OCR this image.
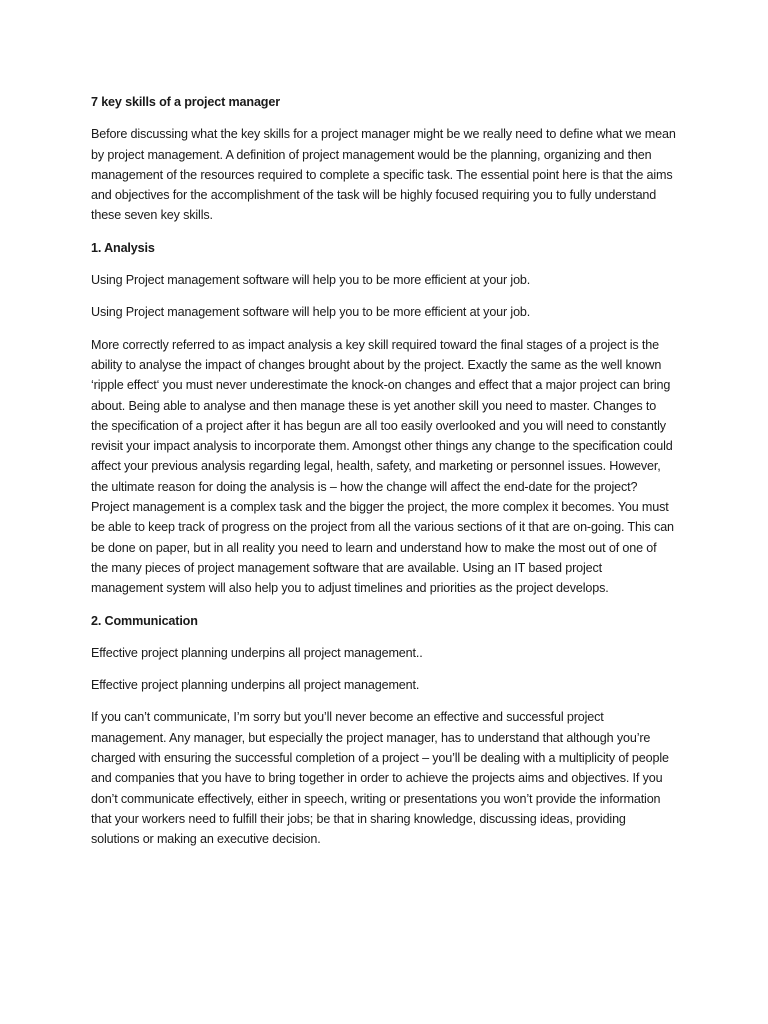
7 key skills of a project manager

Before discussing what the key skills for a project manager might be we really need to define what we mean by project management. A definition of project management would be the planning, organizing and then management of the resources required to complete a specific task. The essential point here is that the aims and objectives for the accomplishment of the task will be highly focused requiring you to fully understand these seven key skills.

1. Analysis

Using Project management software will help you to be more efficient at your job.

Using Project management software will help you to be more efficient at your job.

More correctly referred to as impact analysis a key skill required toward the final stages of a project is the ability to analyse the impact of changes brought about by the project. Exactly the same as the well known ‘ripple effect‘ you must never underestimate the knock-on changes and effect that a major project can bring about. Being able to analyse and then manage these is yet another skill you need to master. Changes to the specification of a project after it has begun are all too easily overlooked and you will need to constantly revisit your impact analysis to incorporate them. Amongst other things any change to the specification could affect your previous analysis regarding legal, health, safety, and marketing or personnel issues. However, the ultimate reason for doing the analysis is – how the change will affect the end-date for the project? Project management is a complex task and the bigger the project, the more complex it becomes. You must be able to keep track of progress on the project from all the various sections of it that are on-going. This can be done on paper, but in all reality you need to learn and understand how to make the most out of one of the many pieces of project management software that are available. Using an IT based project management system will also help you to adjust timelines and priorities as the project develops.

2. Communication

Effective project planning underpins all project management..

Effective project planning underpins all project management.

If you can’t communicate, I’m sorry but you’ll never become an effective and successful project management. Any manager, but especially the project manager, has to understand that although you’re charged with ensuring the successful completion of a project – you’ll be dealing with a multiplicity of people and companies that you have to bring together in order to achieve the projects aims and objectives. If you don’t communicate effectively, either in speech, writing or presentations you won’t provide the information that your workers need to fulfill their jobs; be that in sharing knowledge, discussing ideas, providing solutions or making an executive decision.
